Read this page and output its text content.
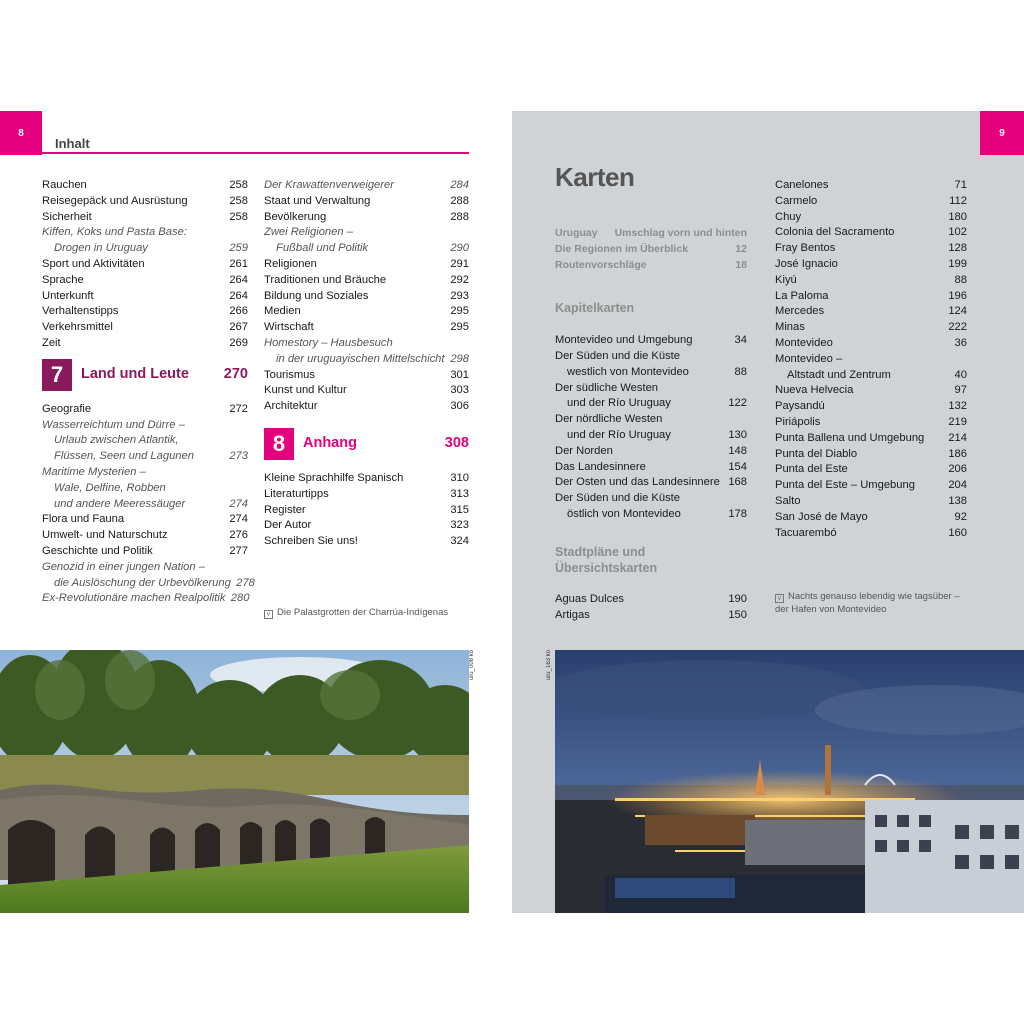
8
Inhalt
Rauchen	258
Reisegepäck und Ausrüstung	258
Sicherheit	258
Kiffen, Koks und Pasta Base:
Drogen in Uruguay	259
Sport und Aktivitäten	261
Sprache	264
Unterkunft	264
Verhaltenstipps	266
Verkehrsmittel	267
Zeit	269
7	Land und Leute	270
Geografie	272
Wasserreichtum und Dürre –
Urlaub zwischen Atlantik,
Flüssen, Seen und Lagunen	273
Maritime Mysterien –
Wale, Delfine, Robben
und andere Meeressäuger	274
Flora und Fauna	274
Umwelt- und Naturschutz	276
Geschichte und Politik	277
Genozid in einer jungen Nation –
die Auslöschung der Urbevölkerung 278
Ex-Revolutionäre machen Realpolitik 280
Der Krawattenverweigerer	284
Staat und Verwaltung	288
Bevölkerung	288
Zwei Religionen –
Fußball und Politik	290
Religionen	291
Traditionen und Bräuche	292
Bildung und Soziales	293
Medien	295
Wirtschaft	295
Homestory – Hausbesuch
in der uruguayischen Mittelschicht 298
Tourismus	301
Kunst und Kultur	303
Architektur	306
8	Anhang	308
Kleine Sprachhilfe Spanisch	310
Literaturtipps	313
Register	315
Der Autor	323
Schreiben Sie uns!	324
v Die Palastgrotten der Charrúa-Indígenas
uru_008 ko
9
Karten
Uruguay Umschlag vorn und hinten
Die Regionen im Überblick	12
Routenvorschläge	18
Kapitelkarten
Montevideo und Umgebung	34
Der Süden und die Küste
westlich von Montevideo	88
Der südliche Westen
und der Río Uruguay	122
Der nördliche Westen
und der Río Uruguay	130
Der Norden	148
Das Landesinnere	154
Der Osten und das Landesinnere 168
Der Süden und die Küste
östlich von Montevideo	178
Stadtpläne und Übersichtskarten
Aguas Dulces	190
Artigas	150
Canelones	71
Carmelo	112
Chuy	180
Colonia del Sacramento	102
Fray Bentos	128
José Ignacio	199
Kiyú	88
La Paloma	196
Mercedes	124
Minas	222
Montevideo	36
Montevideo –
Altstadt und Zentrum	40
Nueva Helvecia	97
Paysandú	132
Piriápolis	219
Punta Ballena und Umgebung	214
Punta del Diablo	186
Punta del Este	206
Punta del Este – Umgebung	204
Salto	138
San José de Mayo	92
Tacuarembó	160
v Nachts genauso lebendig wie tagsüber –
der Hafen von Montevideo
uru_163 ko
